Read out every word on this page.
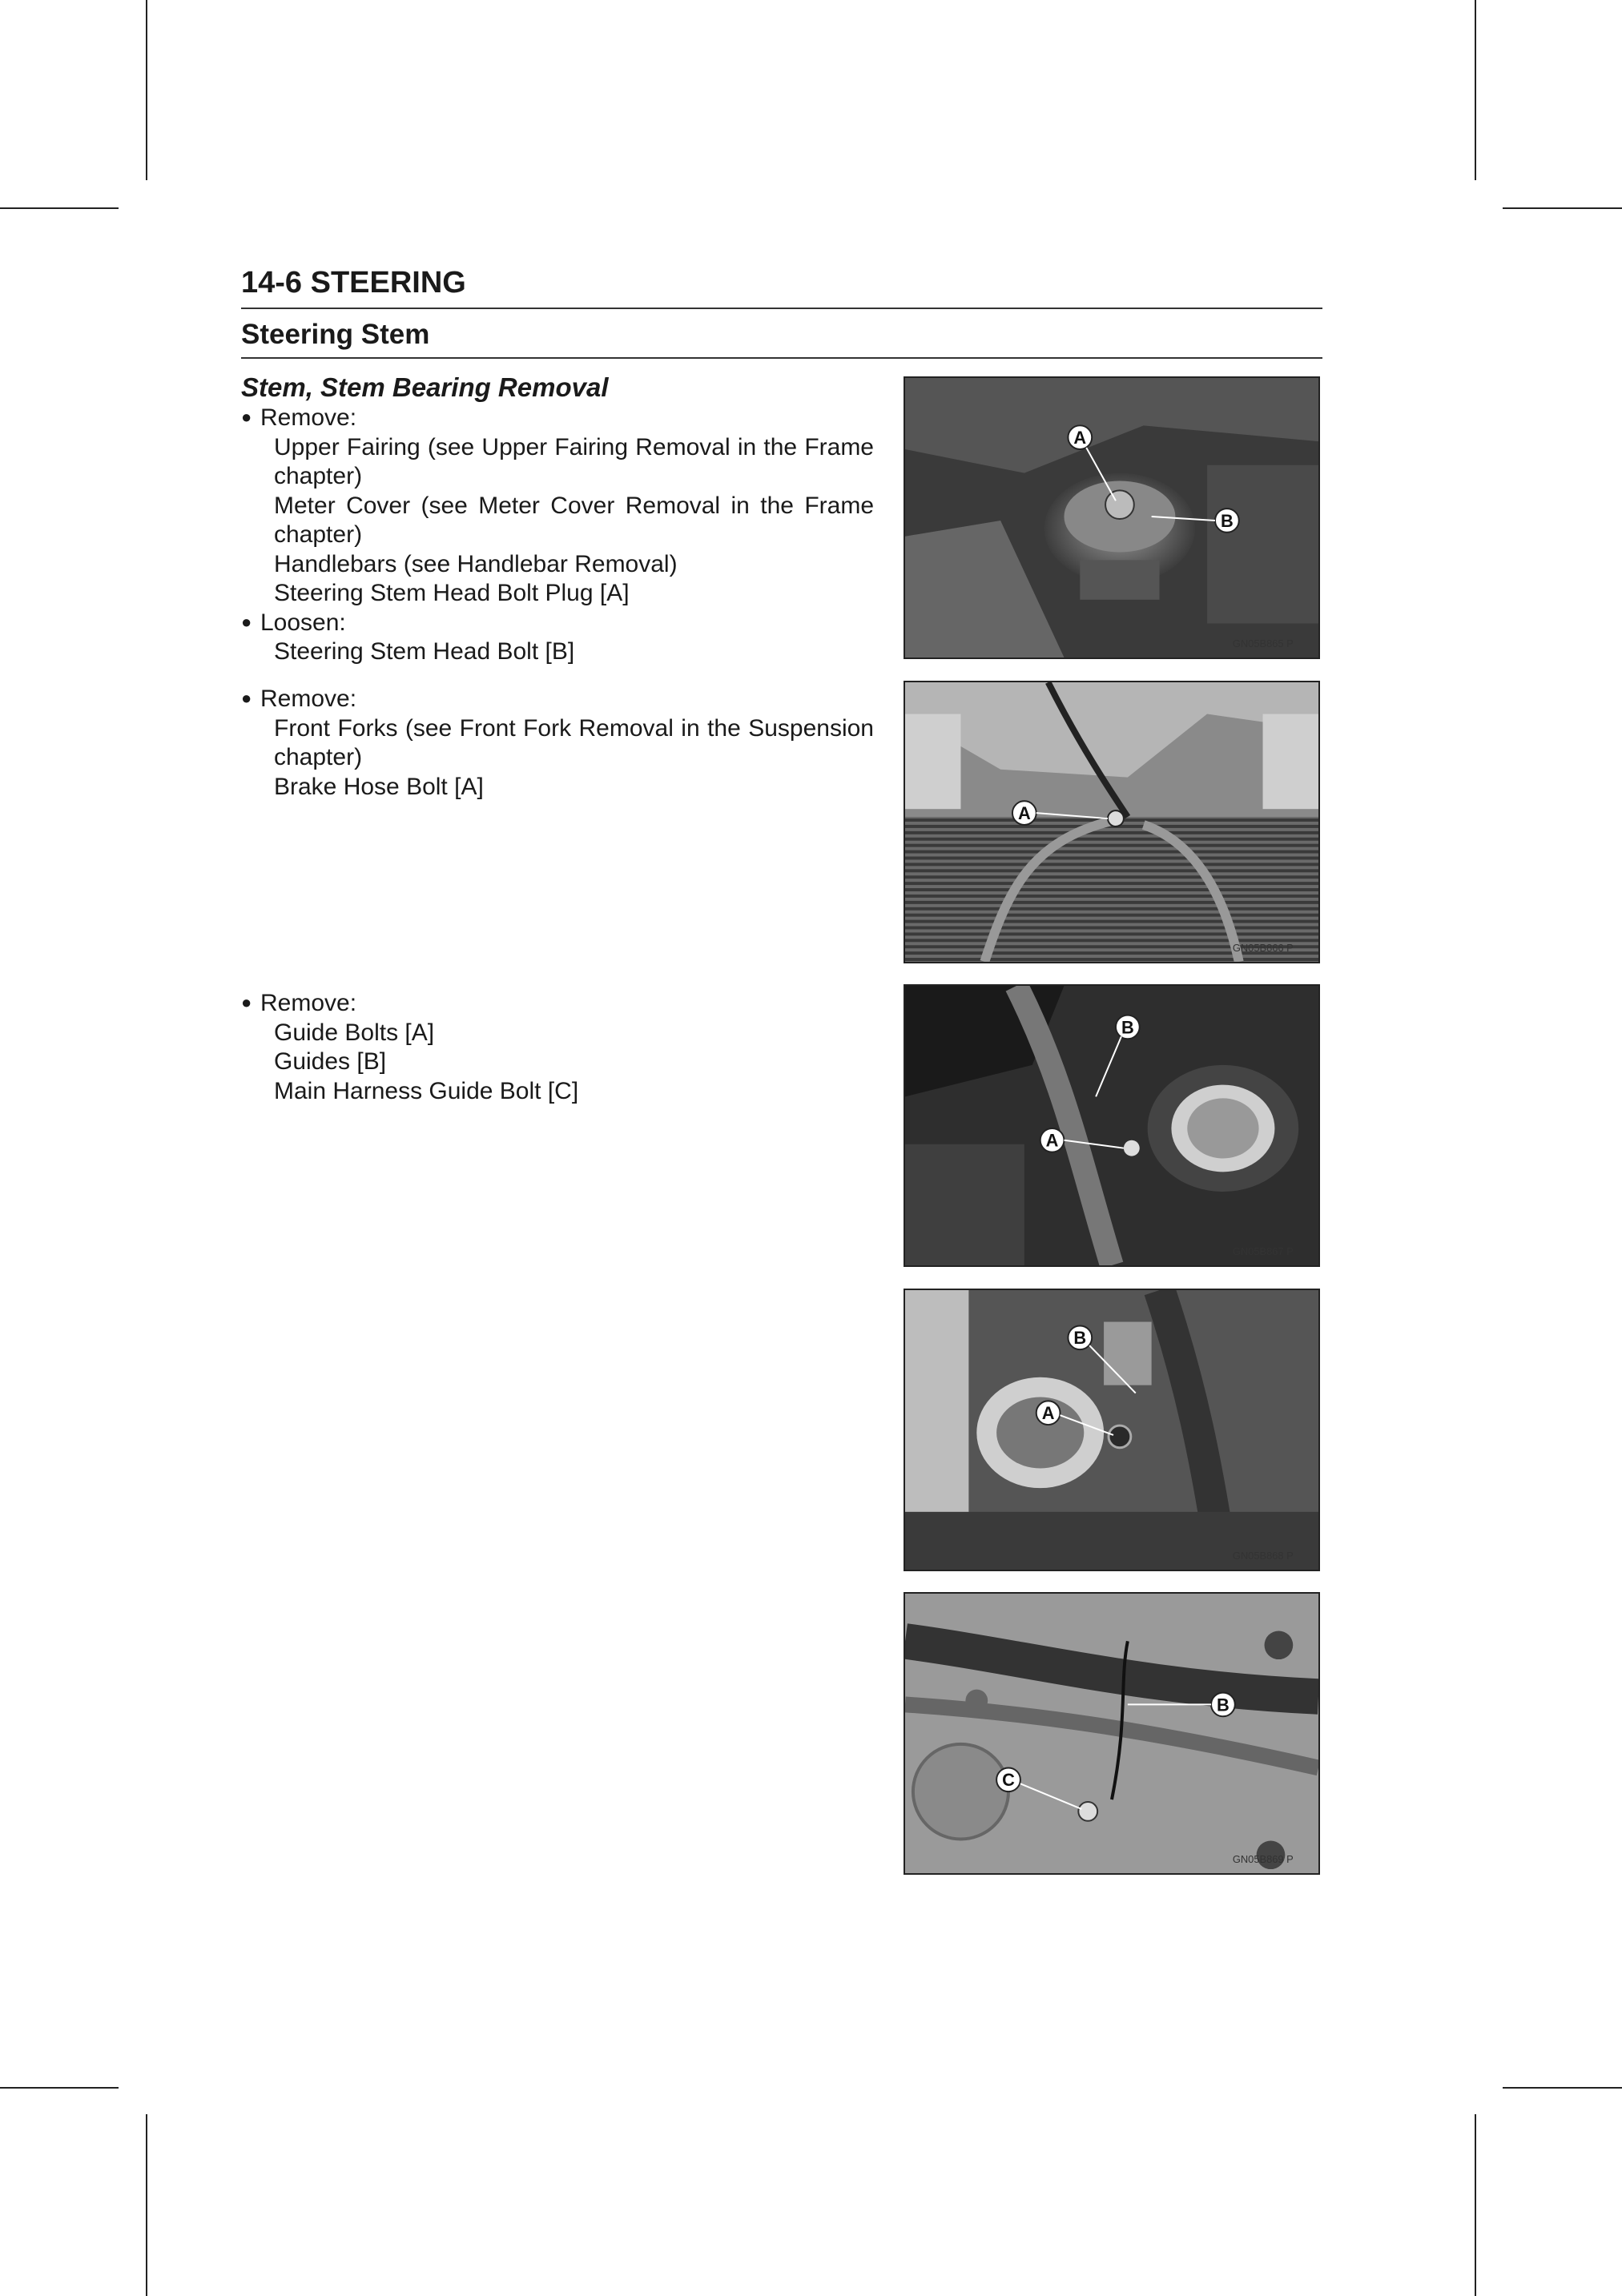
14-6 STEERING
Steering Stem
Stem, Stem Bearing Removal
● Remove:
Upper Fairing (see Upper Fairing Removal in the Frame chapter)
Meter Cover (see Meter Cover Removal in the Frame chapter)
Handlebars (see Handlebar Removal)
Steering Stem Head Bolt Plug [A]
● Loosen:
Steering Stem Head Bolt [B]
● Remove:
Front Forks (see Front Fork Removal in the Suspension chapter)
Brake Hose Bolt [A]
● Remove:
Guide Bolts [A]
Guides [B]
Main Harness Guide Bolt [C]
A
B
GN05B865 P
A
GN05B866 P
B
A
GN05B867 P
B
A
GN05B868 P
B
C
GN05B869 P
